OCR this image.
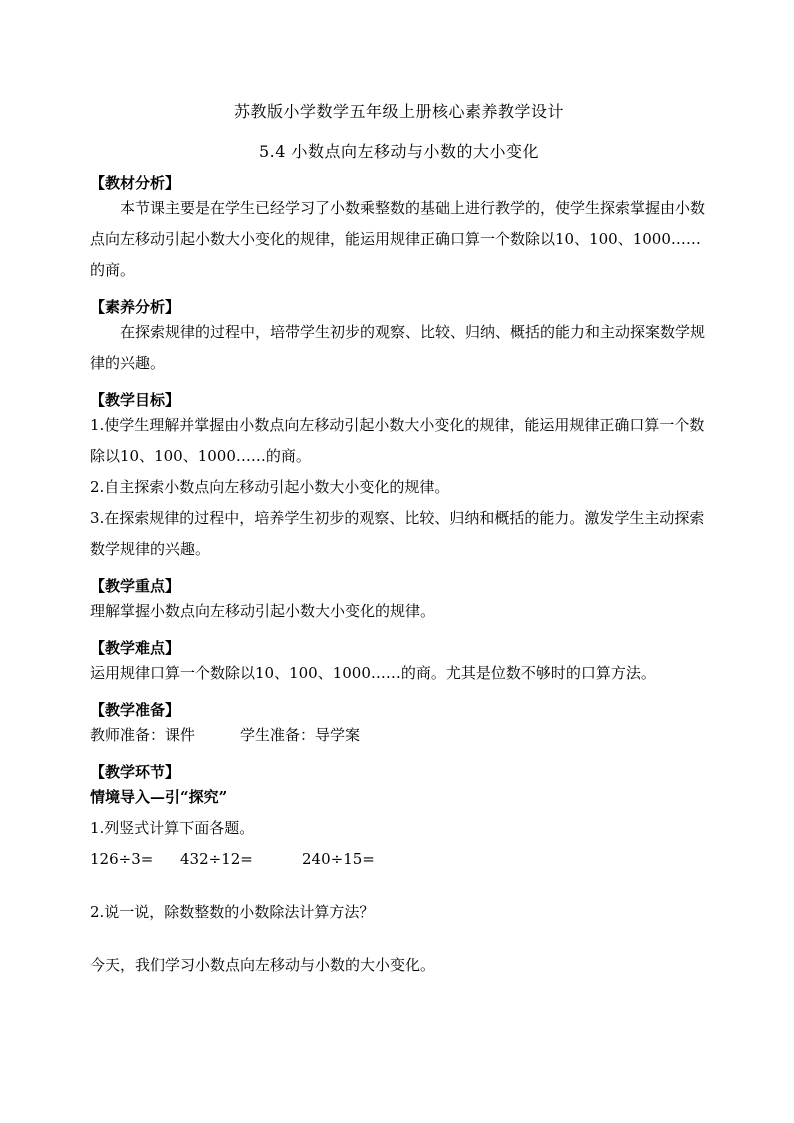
苏教版小学数学五年级上册核心素养教学设计
5.4 小数点向左移动与小数的大小变化
【教材分析】

本节课主要是在学生已经学习了小数乘整数的基础上进行教学的，使学生探索掌握由小数点向左移动引起小数大小变化的规律，能运用规律正确口算一个数除以10、100、1000……的商。

【素养分析】

在探索规律的过程中，培带学生初步的观察、比较、归纳、概括的能力和主动探案数学规律的兴趣。

【教学目标】

1.使学生理解并掌握由小数点向左移动引起小数大小变化的规律，能运用规律正确口算一个数除以10、100、1000……的商。

2.自主探索小数点向左移动引起小数大小变化的规律。

3.在探索规律的过程中，培养学生初步的观察、比较、归纳和概括的能力。激发学生主动探索数学规律的兴趣。

【教学重点】

理解掌握小数点向左移动引起小数大小变化的规律。

【教学难点】

运用规律口算一个数除以10、100、1000……的商。尤其是位数不够时的口算方法。

【教学准备】
教师准备：课件	学生准备：导学案
【教学环节】
情境导入—引“探究”
1.列竖式计算下面各题。
126÷3= 432÷12=	240÷15=
2.说一说，除数整数的小数除法计算方法？
今天，我们学习小数点向左移动与小数的大小变化。
